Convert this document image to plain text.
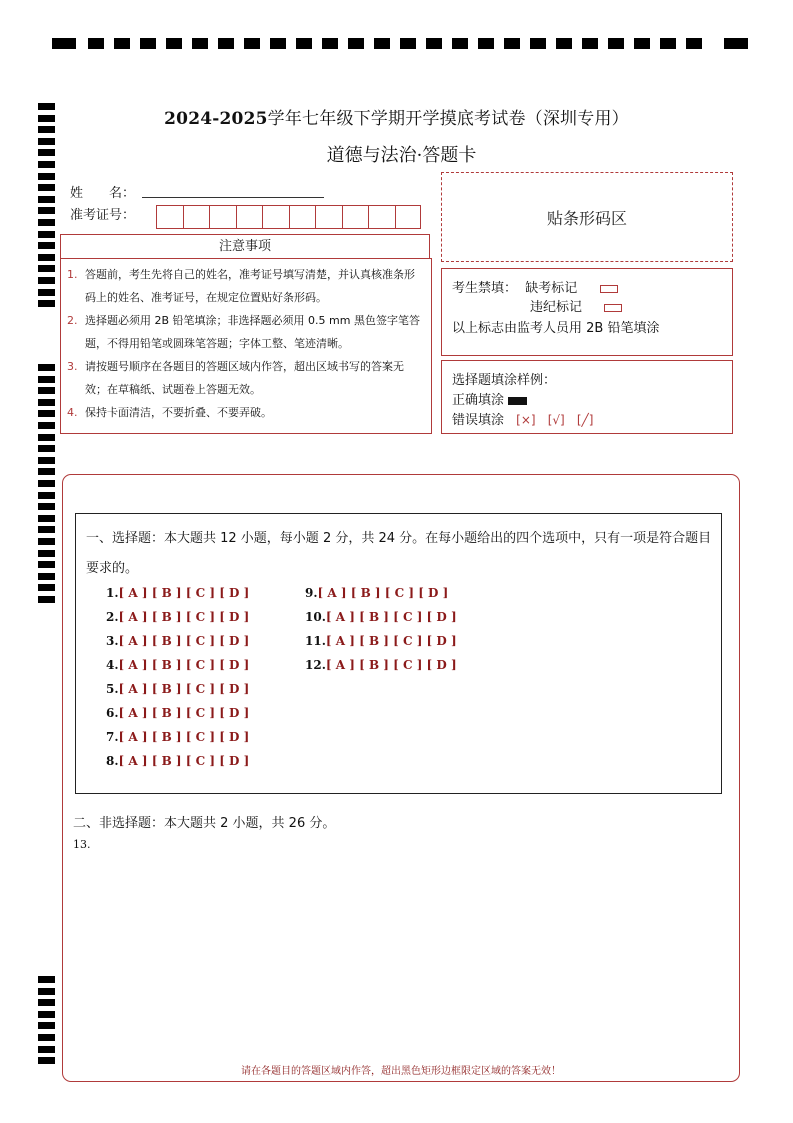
2024-2025学年七年级下学期开学摸底考试卷（深圳专用）
道德与法治·答题卡
姓　　名：
准考证号：	贴条形码区
注意事项
1. 答题前，考生先将自己的姓名，准考证号填写清楚，并认真核准条形码上的姓名、准考证号，在规定位置贴好条形码。
2. 选择题必须用 2B 铅笔填涂；非选择题必须用 0.5 mm 黑色签字笔答题，不得用铅笔或圆珠笔答题；字体工整、笔迹清晰。
3. 请按题号顺序在各题目的答题区域内作答，超出区域书写的答案无效；在草稿纸、试题卷上答题无效。
4. 保持卡面清洁，不要折叠、不要弄破。
考生禁填： 缺考标记
违纪标记
以上标志由监考人员用 2B 铅笔填涂
选择题填涂样例：
正确填涂
错误填涂 [×] [√] [╱]
一、选择题：本大题共 12 小题，每小题 2 分，共 24 分。在每小题给出的四个选项中，只有一项是符合题目要求的。
1.[ A ] [ B ] [ C ] [ D ]
2.[ A ] [ B ] [ C ] [ D ]
3.[ A ] [ B ] [ C ] [ D ]
4.[ A ] [ B ] [ C ] [ D ]
5.[ A ] [ B ] [ C ] [ D ]
6.[ A ] [ B ] [ C ] [ D ]
7.[ A ] [ B ] [ C ] [ D ]
8.[ A ] [ B ] [ C ] [ D ]
9.[ A ] [ B ] [ C ] [ D ]
10.[ A ] [ B ] [ C ] [ D ]
11.[ A ] [ B ] [ C ] [ D ]
12.[ A ] [ B ] [ C ] [ D ]
二、非选择题：本大题共 2 小题，共 26 分。
13.
请在各题目的答题区域内作答，超出黑色矩形边框限定区域的答案无效！
